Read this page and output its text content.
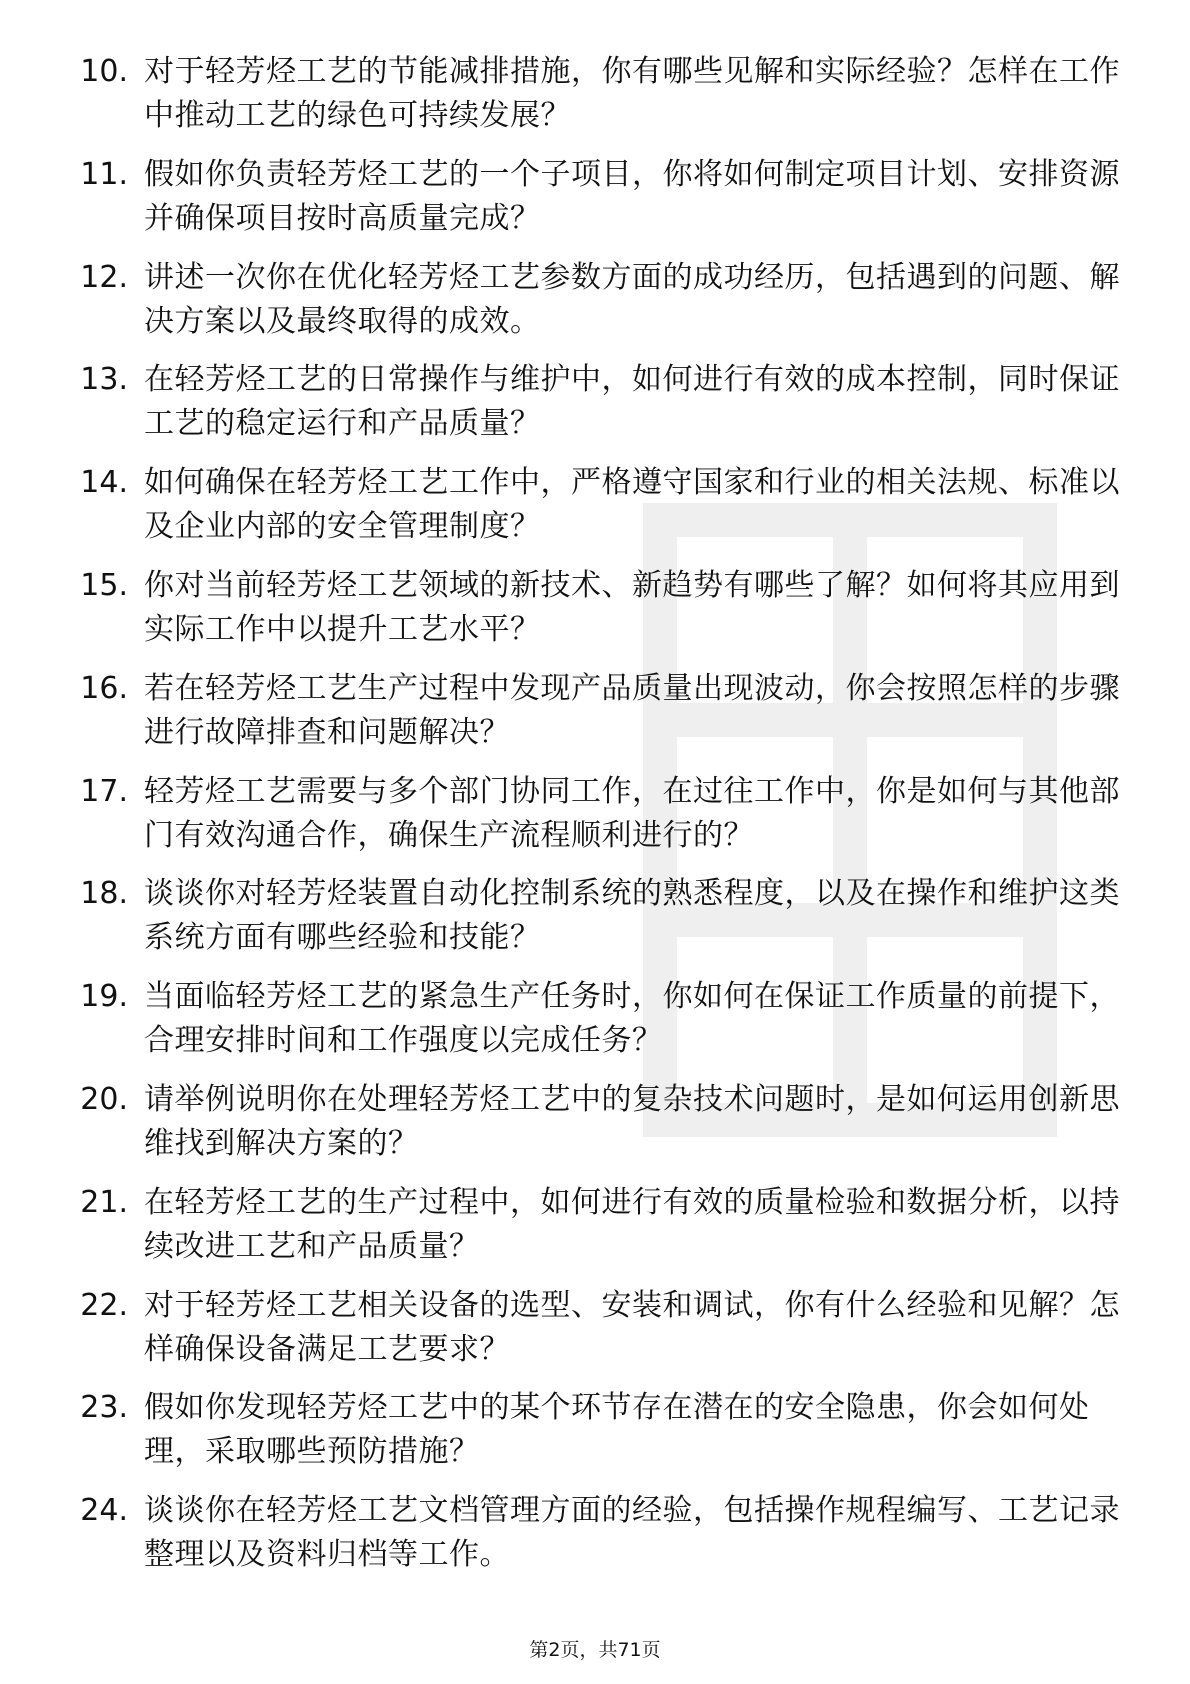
10. 对于轻芳烃工艺的节能减排措施，你有哪些见解和实际经验？怎样在工作中推动工艺的绿色可持续发展？
11. 假如你负责轻芳烃工艺的一个子项目，你将如何制定项目计划、安排资源并确保项目按时高质量完成？
12. 讲述一次你在优化轻芳烃工艺参数方面的成功经历，包括遇到的问题、解决方案以及最终取得的成效。
13. 在轻芳烃工艺的日常操作与维护中，如何进行有效的成本控制，同时保证工艺的稳定运行和产品质量？
14. 如何确保在轻芳烃工艺工作中，严格遵守国家和行业的相关法规、标准以及企业内部的安全管理制度？
15. 你对当前轻芳烃工艺领域的新技术、新趋势有哪些了解？如何将其应用到实际工作中以提升工艺水平？
16. 若在轻芳烃工艺生产过程中发现产品质量出现波动，你会按照怎样的步骤进行故障排查和问题解决？
17. 轻芳烃工艺需要与多个部门协同工作，在过往工作中，你是如何与其他部门有效沟通合作，确保生产流程顺利进行的？
18. 谈谈你对轻芳烃装置自动化控制系统的熟悉程度，以及在操作和维护这类系统方面有哪些经验和技能？
19. 当面临轻芳烃工艺的紧急生产任务时，你如何在保证工作质量的前提下，合理安排时间和工作强度以完成任务？
20. 请举例说明你在处理轻芳烃工艺中的复杂技术问题时，是如何运用创新思维找到解决方案的？
21. 在轻芳烃工艺的生产过程中，如何进行有效的质量检验和数据分析，以持续改进工艺和产品质量？
22. 对于轻芳烃工艺相关设备的选型、安装和调试，你有什么经验和见解？怎样确保设备满足工艺要求？
23. 假如你发现轻芳烃工艺中的某个环节存在潜在的安全隐患，你会如何处理，采取哪些预防措施？
24. 谈谈你在轻芳烃工艺文档管理方面的经验，包括操作规程编写、工艺记录整理以及资料归档等工作。
第2页，共71页
